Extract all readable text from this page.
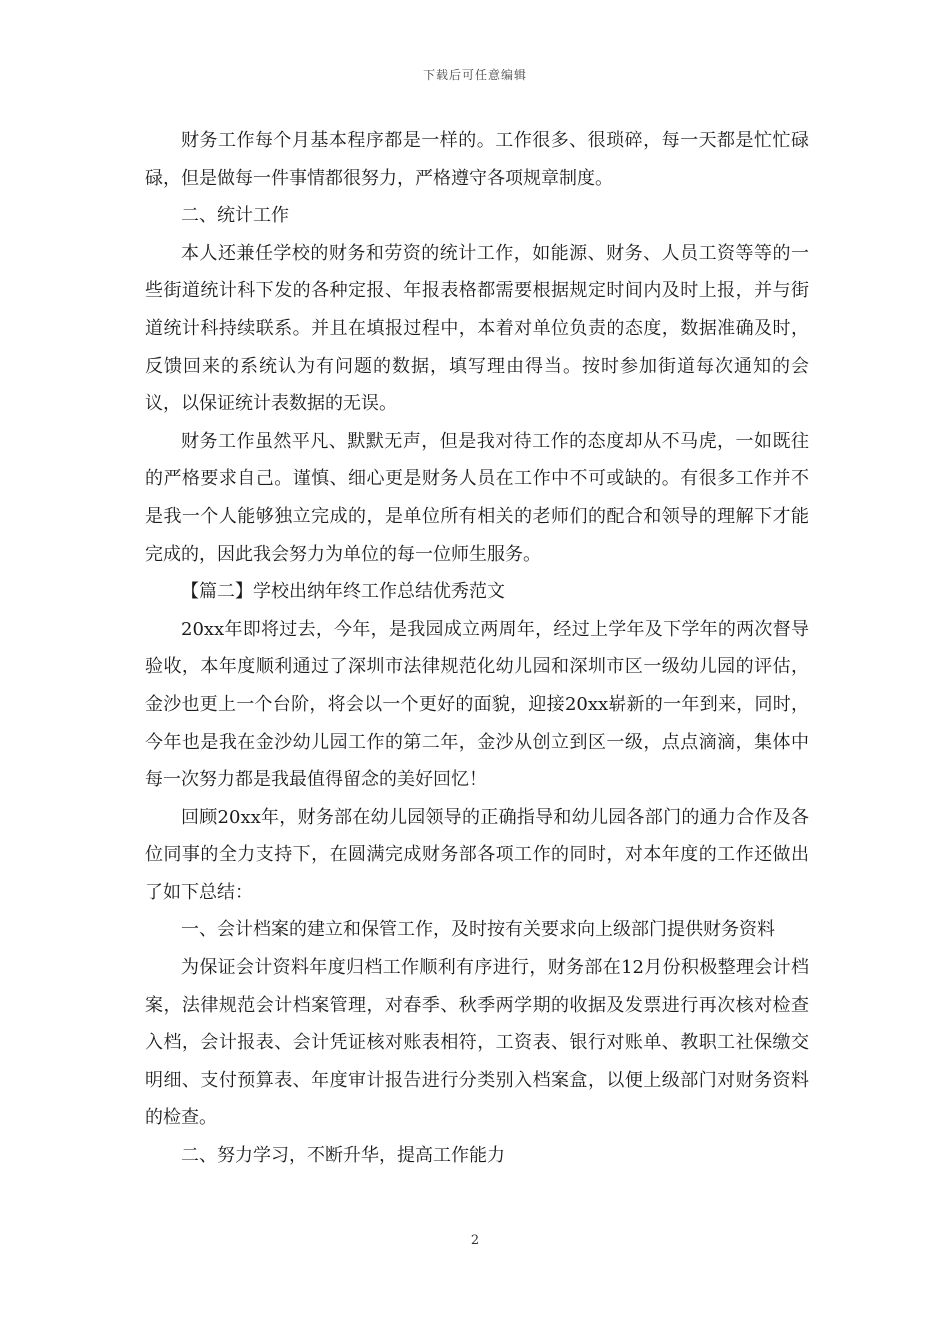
下载后可任意编辑

财务工作每个月基本程序都是一样的。工作很多、很琐碎，每一天都是忙忙碌碌，但是做每一件事情都很努力，严格遵守各项规章制度。

二、统计工作

本人还兼任学校的财务和劳资的统计工作，如能源、财务、人员工资等等的一些街道统计科下发的各种定报、年报表格都需要根据规定时间内及时上报，并与街道统计科持续联系。并且在填报过程中，本着对单位负责的态度，数据准确及时，反馈回来的系统认为有问题的数据，填写理由得当。按时参加街道每次通知的会议，以保证统计表数据的无误。

财务工作虽然平凡、默默无声，但是我对待工作的态度却从不马虎，一如既往的严格要求自己。谨慎、细心更是财务人员在工作中不可或缺的。有很多工作并不是我一个人能够独立完成的，是单位所有相关的老师们的配合和领导的理解下才能完成的，因此我会努力为单位的每一位师生服务。

【篇二】学校出纳年终工作总结优秀范文

20xx年即将过去，今年，是我园成立两周年，经过上学年及下学年的两次督导验收，本年度顺利通过了深圳市法律规范化幼儿园和深圳市区一级幼儿园的评估，金沙也更上一个台阶，将会以一个更好的面貌，迎接20xx崭新的一年到来，同时，今年也是我在金沙幼儿园工作的第二年，金沙从创立到区一级，点点滴滴，集体中每一次努力都是我最值得留念的美好回忆！

回顾20xx年，财务部在幼儿园领导的正确指导和幼儿园各部门的通力合作及各位同事的全力支持下，在圆满完成财务部各项工作的同时，对本年度的工作还做出了如下总结：

一、会计档案的建立和保管工作，及时按有关要求向上级部门提供财务资料

为保证会计资料年度归档工作顺利有序进行，财务部在12月份积极整理会计档案，法律规范会计档案管理，对春季、秋季两学期的收据及发票进行再次核对检查入档，会计报表、会计凭证核对账表相符，工资表、银行对账单、教职工社保缴交明细、支付预算表、年度审计报告进行分类别入档案盒，以便上级部门对财务资料的检查。

二、努力学习，不断升华，提高工作能力

2
